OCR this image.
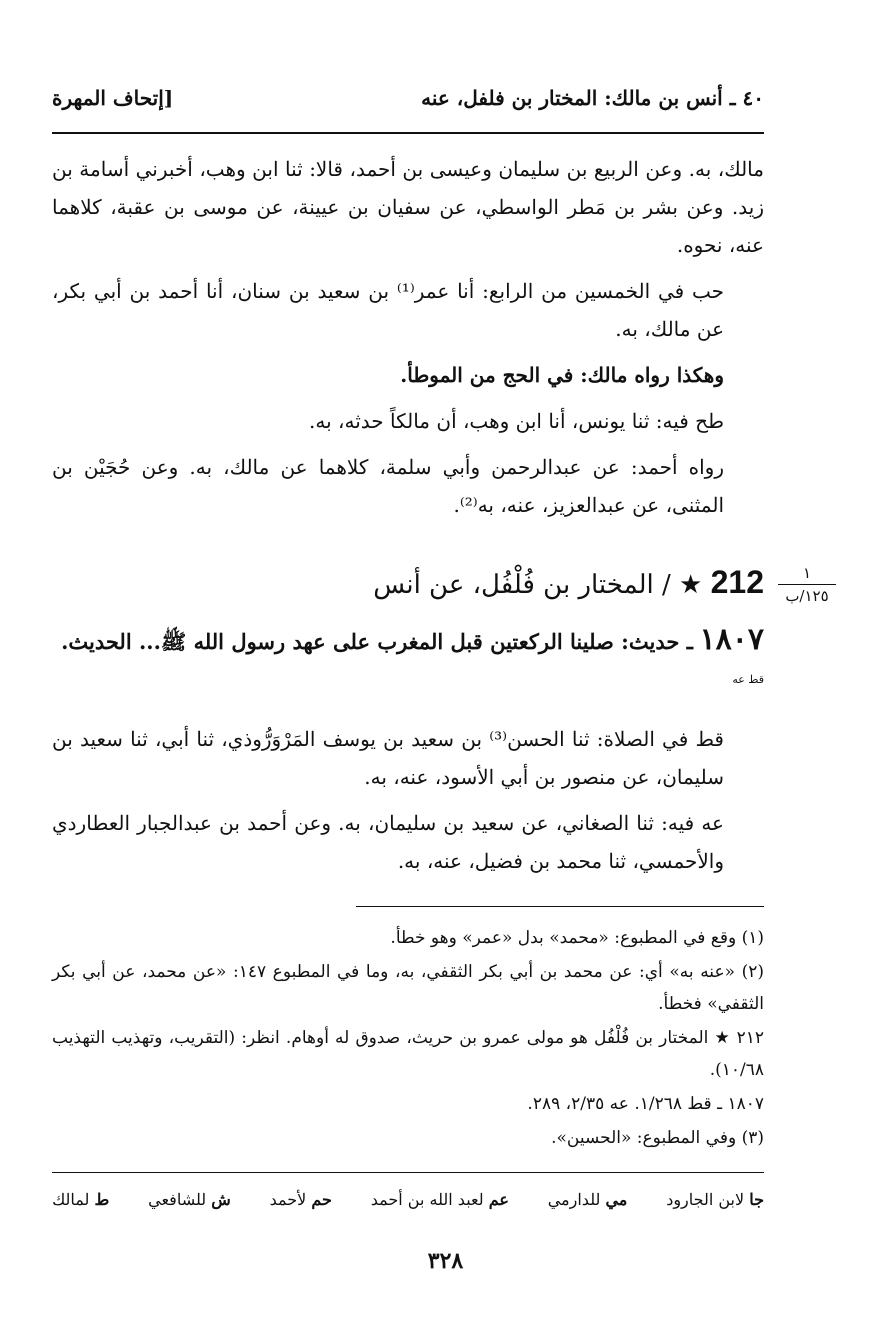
٤٠ ـ أنس بن مالك: المختار بن فلفل، عنه
[إتحاف المهرة

مالك، به. وعن الربيع بن سليمان وعيسى بن أحمد، قالا: ثنا ابن وهب، أخبرني أسامة بن زيد. وعن بشر بن مَطر الواسطي، عن سفيان بن عيينة، عن موسى بن عقبة، كلاهما عنه، نحوه.

حب في الخمسين من الرابع: أنا عمر⁽¹⁾ بن سعيد بن سنان، أنا أحمد بن أبي بكر، عن مالك، به.

وهكذا رواه مالك: في الحج من الموطأ.

طح فيه: ثنا يونس، أنا ابن وهب، أن مالكاً حدثه، به.

رواه أحمد: عن عبدالرحمن وأبي سلمة، كلاهما عن مالك، به. وعن حُجَيْن بن المثنى، عن عبدالعزيز، عنه، به⁽²⁾.

١
١٢٥/ب
212 ★ / المختار بن فُلْفُل، عن أنس
١٨٠٧ ـ حديث: صلينا الركعتين قبل المغرب على عهد رسول الله ﷺ... الحديث.
قط عه

قط في الصلاة: ثنا الحسن⁽³⁾ بن سعيد بن يوسف المَرْوَرُّوذي، ثنا أبي، ثنا سعيد بن سليمان، عن منصور بن أبي الأسود، عنه، به.

عه فيه: ثنا الصغاني، عن سعيد بن سليمان، به. وعن أحمد بن عبدالجبار العطاردي والأحمسي، ثنا محمد بن فضيل، عنه، به.

(١) وقع في المطبوع: «محمد» بدل «عمر» وهو خطأ.

(٢) «عنه به» أي: عن محمد بن أبي بكر الثقفي، به، وما في المطبوع ١٤٧: «عن محمد، عن أبي بكر الثقفي» فخطأ.

٢١٢ ★ المختار بن فُلْفُل هو مولى عمرو بن حريث، صدوق له أوهام. انظر: (التقريب، وتهذيب التهذيب ١٠/٦٨).

١٨٠٧ ـ قط ١/٢٦٨. عه ٢/٣٥، ٢٨٩.

(٣) وفي المطبوع: «الحسين».

ط لمالك	ش للشافعي	حم لأحمد	عم لعبد الله بن أحمد	مي للدارمي	جا لابن الجارود
٣٢٨
